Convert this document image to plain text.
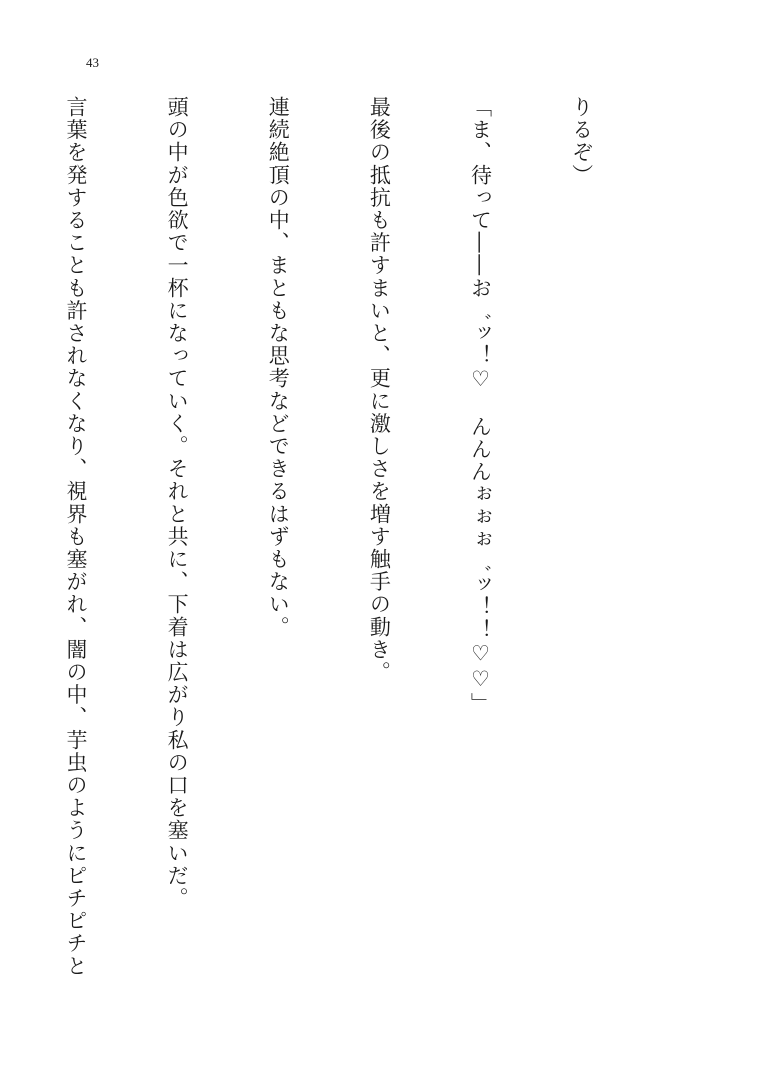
43

りるぞ）

「ま、待って――お゛ッ！♡　んんんぉぉぉ゛ッ！！♡♡」

最後の抵抗も許すまいと、更に激しさを増す触手の動き。

連続絶頂の中、まともな思考などできるはずもない。

頭の中が色欲で一杯になっていく。それと共に、下着は広がり私の口を塞いだ。

言葉を発することも許されなくなり、視界も塞がれ、闇の中、芋虫のようにピチピチと
